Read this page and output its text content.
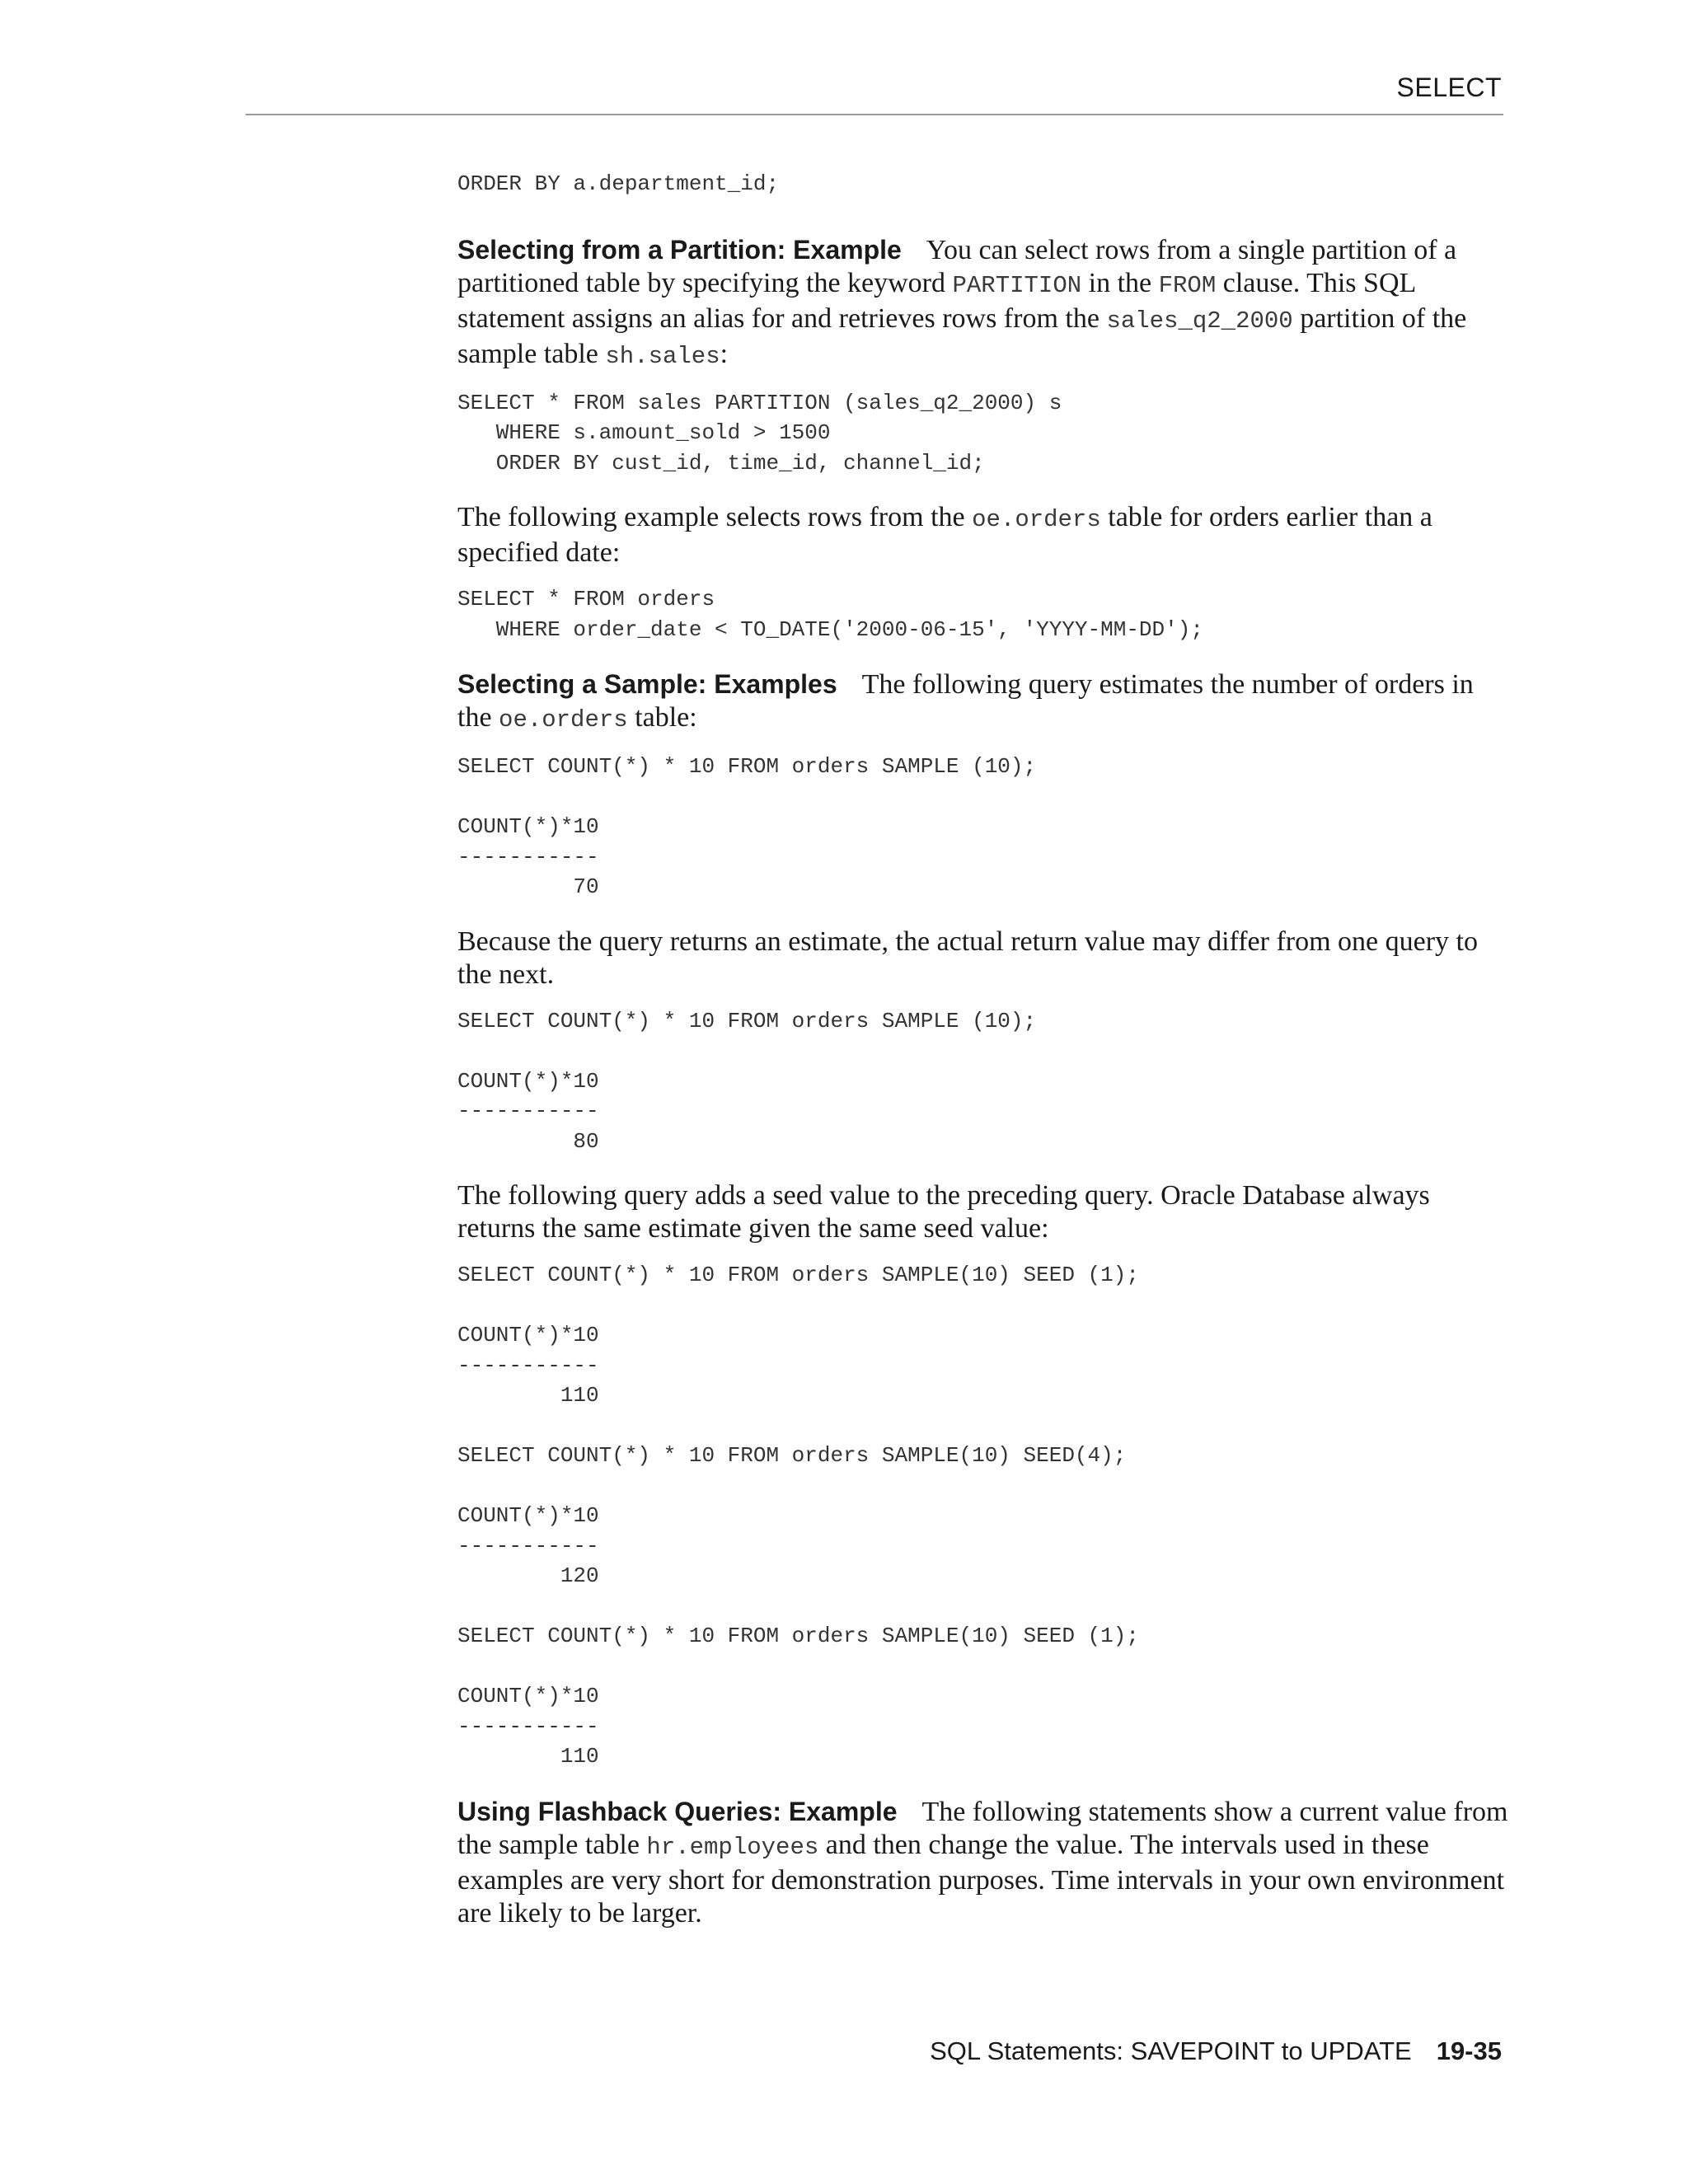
SELECT
ORDER BY a.department_id;

Selecting from a Partition: Example You can select rows from a single partition of a partitioned table by specifying the keyword PARTITION in the FROM clause. This SQL statement assigns an alias for and retrieves rows from the sales_q2_2000 partition of the sample table sh.sales:

SELECT * FROM sales PARTITION (sales_q2_2000) s
WHERE s.amount_sold > 1500
ORDER BY cust_id, time_id, channel_id;

The following example selects rows from the oe.orders table for orders earlier than a specified date:

SELECT * FROM orders
WHERE order_date < TO_DATE('2000-06-15', 'YYYY-MM-DD');

Selecting a Sample: Examples The following query estimates the number of orders in the oe.orders table:

SELECT COUNT(*) * 10 FROM orders SAMPLE (10);

COUNT(*)*10
-----------
70

Because the query returns an estimate, the actual return value may differ from one query to the next.

SELECT COUNT(*) * 10 FROM orders SAMPLE (10);

COUNT(*)*10
-----------
80

The following query adds a seed value to the preceding query. Oracle Database always returns the same estimate given the same seed value:

SELECT COUNT(*) * 10 FROM orders SAMPLE(10) SEED (1);

COUNT(*)*10
-----------
110

SELECT COUNT(*) * 10 FROM orders SAMPLE(10) SEED(4);

COUNT(*)*10
-----------
120

SELECT COUNT(*) * 10 FROM orders SAMPLE(10) SEED (1);

COUNT(*)*10
-----------
110

Using Flashback Queries: Example The following statements show a current value from the sample table hr.employees and then change the value. The intervals used in these examples are very short for demonstration purposes. Time intervals in your own environment are likely to be larger.

SQL Statements: SAVEPOINT to UPDATE 19-35
